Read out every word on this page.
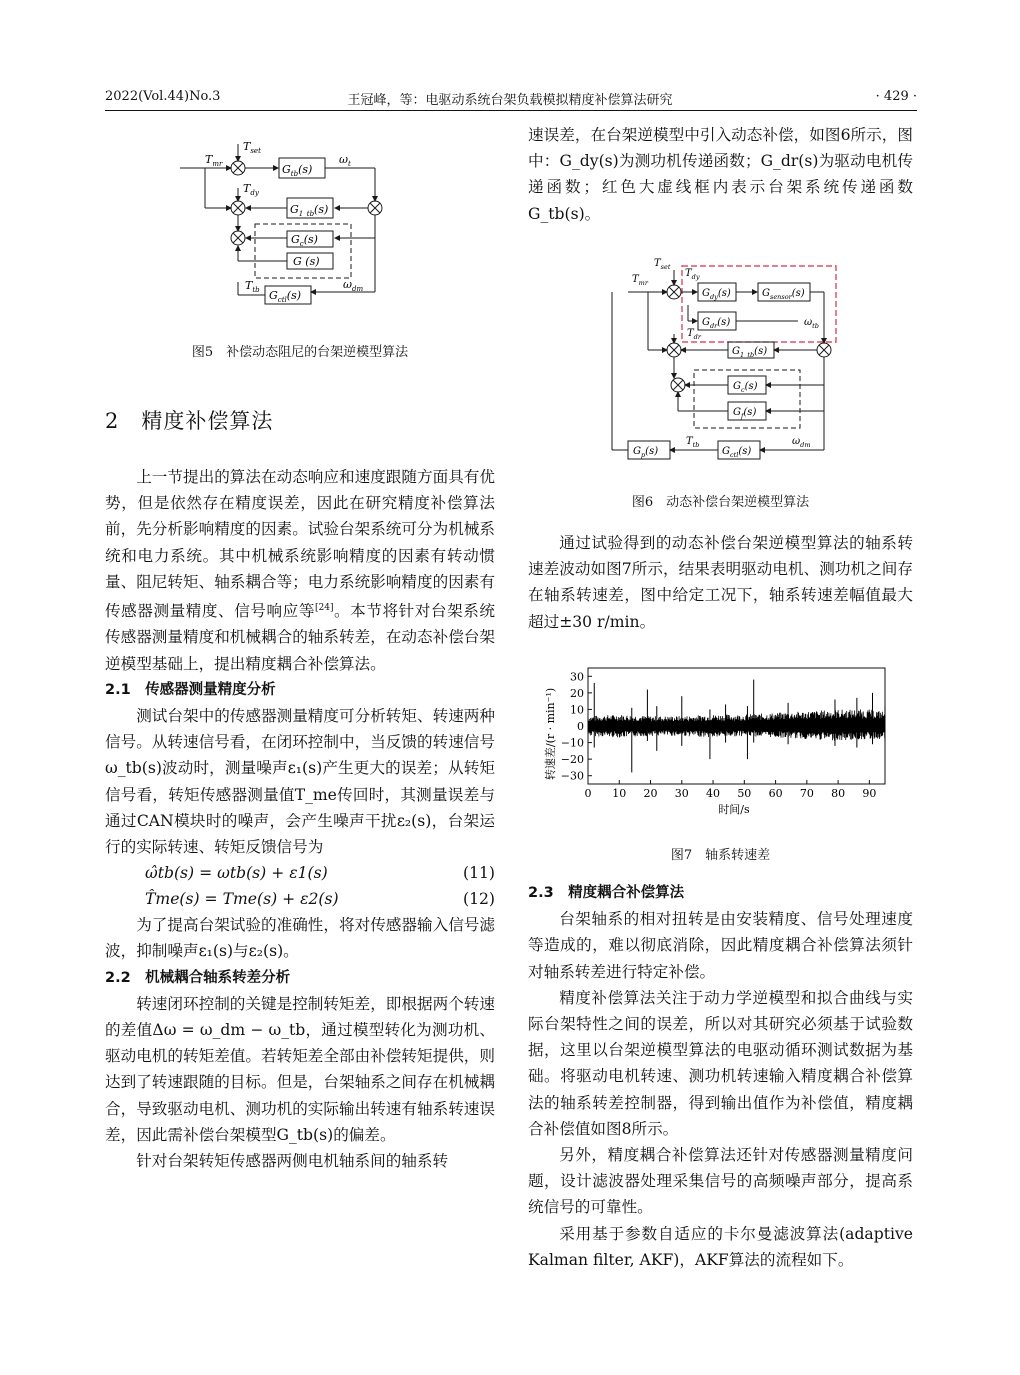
2022(Vol.44)No.3	王冠峰，等：电驱动系统台架负载模拟精度补偿算法研究	· 429 ·
$T_{set}$
$T_{mr}$	$G_{tb}(s)$
$\omega_t$
$T_{dy}$
$G_{1\_tb}(s)$
$G_c(s)$
G (s)
$T_{tb}$ $G_{ctl}(s)$
$\omega_{dm}$
图5　补偿动态阻尼的台架逆模型算法

2　精度补偿算法

上一节提出的算法在动态响应和速度跟随方面具有优势，但是依然存在精度误差，因此在研究精度补偿算法前，先分析影响精度的因素。试验台架系统可分为机械系统和电力系统。其中机械系统影响精度的因素有转动惯量、阻尼转矩、轴系耦合等；电力系统影响精度的因素有传感器测量精度、信号响应等[24]。本节将针对台架系统传感器测量精度和机械耦合的轴系转差，在动态补偿台架逆模型基础上，提出精度耦合补偿算法。

2.1　传感器测量精度分析

测试台架中的传感器测量精度可分析转矩、转速两种信号。从转速信号看，在闭环控制中，当反馈的转速信号ω_tb(s)波动时，测量噪声ε₁(s)产生更大的误差；从转矩信号看，转矩传感器测量值T_me传回时，其测量误差与通过CAN模块时的噪声，会产生噪声干扰ε₂(s)，台架运行的实际转速、转矩反馈信号为

ω̂tb(s) = ωtb(s) + ε1(s)	(11)
T̂me(s) = Tme(s) + ε2(s)	(12)

为了提高台架试验的准确性，将对传感器输入信号滤波，抑制噪声ε₁(s)与ε₂(s)。

2.2　机械耦合轴系转差分析

转速闭环控制的关键是控制转矩差，即根据两个转速的差值Δω = ω_dm − ω_tb，通过模型转化为测功机、驱动电机的转矩差值。若转矩差全部由补偿转矩提供，则达到了转速跟随的目标。但是，台架轴系之间存在机械耦合，导致驱动电机、测功机的实际输出转速有轴系转速误差，因此需补偿台架模型G_tb(s)的偏差。

针对台架转矩传感器两侧电机轴系间的轴系转

速误差，在台架逆模型中引入动态补偿，如图6所示，图中：G_dy(s)为测功机传递函数；G_dr(s)为驱动电机传递函数；红色大虚线框内表示台架系统传递函数G_tb(s)。

$T_{set}$
$T_{mr}$
$T_{dy}$
$G_{dy}(s)$	$G_{sensor}(s)$
$G_{dr}(s)$
$T_{dr}$
$\omega_{tb}$
$G_{1\_tb}(s)$
$G_c(s)$
$G_f(s)$
$G_p(s)$
$T_{tb}$
$G_{ctl}(s)$
$\omega_{dm}$
图6　动态补偿台架逆模型算法

通过试验得到的动态补偿台架逆模型算法的轴系转速差波动如图7所示，结果表明驱动电机、测功机之间存在轴系转速差，图中给定工况下，轴系转速差幅值最大超过±30 r/min。

转速差/(r · min⁻¹)
时间/s
0 10 20 30 40 50 60 70 80 90
30
20
10
0
−10
−20
−30
图7　轴系转速差

2.3　精度耦合补偿算法

台架轴系的相对扭转是由安装精度、信号处理速度等造成的，难以彻底消除，因此精度耦合补偿算法须针对轴系转差进行特定补偿。

精度补偿算法关注于动力学逆模型和拟合曲线与实际台架特性之间的误差，所以对其研究必须基于试验数据，这里以台架逆模型算法的电驱动循环测试数据为基础。将驱动电机转速、测功机转速输入精度耦合补偿算法的轴系转差控制器，得到输出值作为补偿值，精度耦合补偿值如图8所示。

另外，精度耦合补偿算法还针对传感器测量精度问题，设计滤波器处理采集信号的高频噪声部分，提高系统信号的可靠性。

采用基于参数自适应的卡尔曼滤波算法(adaptive Kalman filter, AKF)，AKF算法的流程如下。
